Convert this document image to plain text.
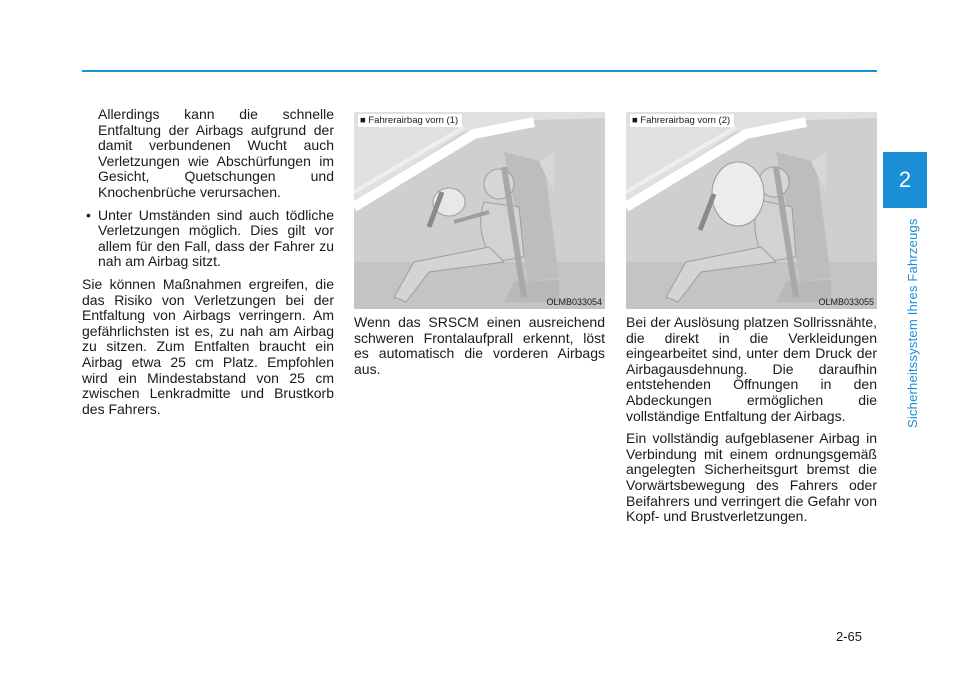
2
Sicherheitssystem Ihres Fahrzeugs

Allerdings kann die schnelle Entfaltung der Airbags aufgrund der damit verbundenen Wucht auch Verletzungen wie Abschürfungen im Gesicht, Quetschungen und Knochenbrüche verursachen.

• Unter Umständen sind auch tödliche Verletzungen möglich. Dies gilt vor allem für den Fall, dass der Fahrer zu nah am Airbag sitzt.

Sie können Maßnahmen ergreifen, die das Risiko von Verletzungen bei der Entfaltung von Airbags verringern. Am gefährlichsten ist es, zu nah am Airbag zu sitzen. Zum Entfalten braucht ein Airbag etwa 25 cm Platz. Empfohlen wird ein Mindestabstand von 25 cm zwischen Lenkradmitte und Brustkorb des Fahrers.

■ Fahrerairbag vorn (1)
OLMB033054
■ Fahrerairbag vorn (2)
OLMB033055

Wenn das SRSCM einen ausreichend schweren Frontalaufprall erkennt, löst es automatisch die vorderen Airbags aus.

Bei der Auslösung platzen Sollrissnähte, die direkt in die Verkleidungen eingearbeitet sind, unter dem Druck der Airbagausdehnung. Die daraufhin entstehenden Öffnungen in den Abdeckungen ermöglichen die vollständige Entfaltung der Airbags.

Ein vollständig aufgeblasener Airbag in Verbindung mit einem ordnungsgemäß angelegten Sicherheitsgurt bremst die Vorwärtsbewegung des Fahrers oder Beifahrers und verringert die Gefahr von Kopf- und Brustverletzungen.

2-65
